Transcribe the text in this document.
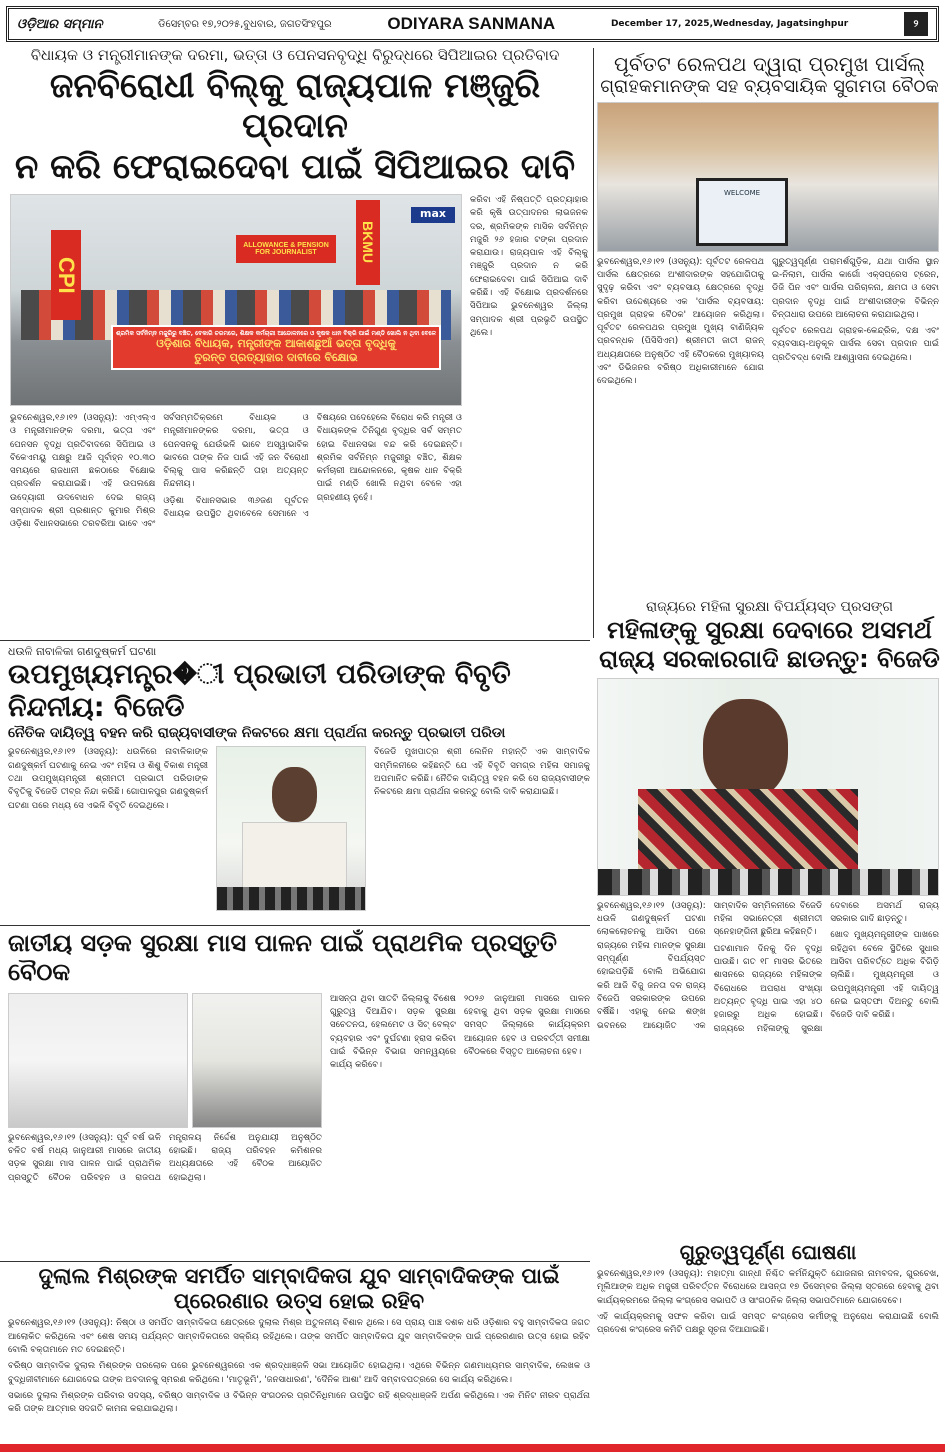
ଓଡ଼ିଆର ସମ୍ମାନ	ଡିସେମ୍ବର ୧୭,୨୦୨୫,ବୁଧବାର, ଜଗତସିଂହପୁର	ODIYARA SANMANA	December 17, 2025,Wednesday, Jagatsinghpur	୨
ବିଧାୟକ ଓ ମନ୍ତ୍ରୀମାନଙ୍କ ଦରମା, ଭତ୍ତା ଓ ପେନସନବୃଦ୍ଧି ବିରୁଦ୍ଧରେ ସିପିଆଇର ପ୍ରତିବାଦ
ଜନବିରୋଧୀ ବିଲ୍‌କୁ ରାଜ୍ୟପାଳ ମଞ୍ଜୁରି ପ୍ରଦାନ
ନ କରି ଫେରାଇଦେବା ପାଇଁ ସିପିଆଇର ଦାବି
CPI
BKMU
ALLOWANCE & PENSION FOR JOURNALIST
max
ଶ୍ରମିକ ସର୍ବନିମ୍ନ ମଜୁରିରୁ ବଞ୍ଚିତ, ବେକାରି ଚରମରେ, ଶିକ୍ଷକ କର୍ମଚାରୀ ଆନ୍ଦୋଳନରେ ଓ କୃଷକ ଧାନ ବିକ୍ରି ପାଇଁ ମଣ୍ଡି ଖୋଲି ନ ଥିବା ବେଳେ
ଓଡ଼ିଶାର ବିଧାୟକ, ମନ୍ତ୍ରୀଙ୍କ ଆକାଶଛୁଆଁ ଭତ୍ତା ବୃଦ୍ଧିକୁ
ତୁରନ୍ତ ପ୍ରତ୍ୟାହାର ଦାବୀରେ ବିକ୍ଷୋଭ

ଭୁବନେଶ୍ୱର,୧୬।୧୨ (ଓସନ୍ୟୁ): ଏମ୍‌ଏଲ୍‌ଏ ଓ ମନ୍ତ୍ରୀମାନଙ୍କ ଦରମା, ଭତ୍ତା ଏବଂ ପେନସନ ବୃଦ୍ଧି ପ୍ରତିବାଦରେ ସିପିଆଇ ଓ ବିକେଏମୟୁ ପକ୍ଷରୁ ଆଜି ପୂର୍ବାହ୍ନ ୧୦.୩୦ ସମୟରେ ରାଜଧାନୀ ଛକଠାରେ ବିକ୍ଷୋଭ ପ୍ରଦର୍ଶନ କରାଯାଇଛି। ଏହି ଉପଲକ୍ଷେ ଉଦ୍ୟୋଗୀ ଉଦବୋଧନ ଦେଇ ରାଜ୍ୟ ସମ୍ପାଦକ ଶ୍ରୀ ପ୍ରଶାନ୍ତ କୁମାର ମିଶ୍ର ଓଡ଼ିଶା ବିଧାନସଭାରେ ତରବରିଆ ଭାବେ ଏବଂ ସର୍ବସମ୍ମତିକ୍ରମେ ବିଧାୟକ ଓ ମନ୍ତ୍ରୀମାନଙ୍କର ଦରମା, ଭତ୍ତା ଓ ପେନସନକୁ ଯେଉଁଭଳି ଭାବେ ଅସ୍ୱାଭାବିକ ଭାବରେ ତାଙ୍କ ନିଜ ପାଇଁ ଏହି ଜନ ବିରୋଧୀ ବିଲ୍‌କୁ ପାସ କରିଛନ୍ତି ତାହା ଅତ୍ୟନ୍ତ ନିନ୍ଦନୀୟ।

ଓଡ଼ିଶା ବିଧାନସଭାର ୩୬ଜଣ ପୂର୍ବତନ ବିଧାୟକ ଉପସ୍ଥିତ ଥିବାବେଳେ ସେମାନେ ଏ ବିଷୟରେ ପଦେହେଲେ ବିରୋଧ କରି ମନ୍ତ୍ରୀ ଓ ବିଧାୟକଙ୍କ ତିନିଗୁଣ ବୃଦ୍ଧିର ସର୍ବ ସମ୍ମତ ହୋଇ ବିଧାନସଭା ବନ୍ଦ କରି ଦେଇଛନ୍ତି। ଶ୍ରମିକ ସର୍ବନିମ୍ନ ମଜୁରୀରୁ ବଞ୍ଚିତ, ଶିକ୍ଷକ କର୍ମଚାରୀ ଆନ୍ଦୋଳନରେ, କୃଷକ ଧାନ ବିକ୍ରି ପାଇଁ ମଣ୍ଡି ଖୋଲି ନଥିବା ବେଳେ ଏହା ଗ୍ରହଣୀୟ ନୁହେଁ।

କରିବା ଏହି ନିଷ୍ପତ୍ତି ପ୍ରତ୍ୟାହାର କରି କୃଷି ଉତ୍ପାଦନର ଲାଭଜନକ ଦର, ଶ୍ରମିକଙ୍କ ମାସିକ ସର୍ବନିମ୍ନ ମଜୁରି ୨୬ ହଜାର ଟଙ୍କା ପ୍ରଦାନ କରାଯାଉ। ରାଜ୍ୟପାଳ ଏହି ବିଲ୍‌କୁ ମଞ୍ଜୁରି ପ୍ରଦାନ ନ କରି ଫେରାଇଦେବା ପାଇଁ ସିପିଆଇ ଦାବି କରିଛି। ଏହି ବିକ୍ଷୋଭ ପ୍ରଦର୍ଶନରେ ସିପିଆଇ ଭୁବନେଶ୍ୱର ଜିଲ୍ଲା ସମ୍ପାଦକ ଶ୍ରୀ ପ୍ରଭୃତି ଉପସ୍ଥିତ ଥିଲେ।

ପୂର୍ବତଟ ରେଳପଥ ଦ୍ୱାରା ପ୍ରମୁଖ ପାର୍ସଲ୍
ଗ୍ରାହକମାନଙ୍କ ସହ ବ୍ୟବସାୟିକ ସୁଗମତା ବୈଠକ
WELCOME

ଭୁବନେଶ୍ୱର,୧୬।୧୨ (ଓସନ୍ୟୁ): ପୂର୍ବତଟ ରେଳପଥ ପାର୍ସଲ କ୍ଷେତ୍ରରେ ଅଂଶୀଦାରଙ୍କ ସହଯୋଗିତାକୁ ସୁଦୃଢ଼ କରିବା ଏବଂ ବ୍ୟବସାୟ କ୍ଷେତ୍ରରେ ବୃଦ୍ଧି କରିବା ଉଦ୍ଦେଶ୍ୟରେ ଏକ 'ପାର୍ସଲ ବ୍ୟବସାୟ: ପ୍ରମୁଖ ଗ୍ରାହକ ବୈଠକ' ଆୟୋଜନ କରିଥିଲା। ପୂର୍ବତଟ ରେଳପଥର ପ୍ରମୁଖ ମୁଖ୍ୟ ବାଣିଜ୍ୟିକ ପ୍ରବନ୍ଧକ (ପିସିସିଏମ) ଶ୍ରୀମତୀ ଜାତୀ ରାଜନ୍ ଅଧ୍ୟକ୍ଷତାରେ ଅନୁଷ୍ଠିତ ଏହି ବୈଠକରେ ମୁଖ୍ୟାଳୟ ଏବଂ ଡିଭିଜନର ବରିଷ୍ଠ ଅଧିକାରୀମାନେ ଯୋଗ ଦେଇଥିଲେ।

ଗୁରୁତ୍ୱପୂର୍ଣ୍ଣ ପରାମର୍ଶଗୁଡ଼ିକ, ଯଥା ପାର୍ସଲ ସ୍ଥାନ ଇ-ନିଲାମ, ପାର୍ସଲ କାର୍ଗୋ ଏକ୍ସପ୍ରେସ ଟ୍ରେନ, ଡିଜି ପିନ ଏବଂ ପାର୍ସଲ ପରିଚାଳନା, କ୍ଷମତା ଓ ସେବା ପ୍ରଦାନ ବୃଦ୍ଧି ପାଇଁ ଅଂଶୀଦାରୀଙ୍କ ବିଭିନ୍ନ ଚିନ୍ତାଧାରା ଉପରେ ଆଲୋଚନା କରାଯାଇଥିଲା।

ପୂର୍ବତଟ ରେଳପଥ ଗ୍ରାହକ-କେନ୍ଦ୍ରିକ, ଦକ୍ଷ ଏବଂ ବ୍ୟବସାୟ-ଅନୁକୂଳ ପାର୍ସଲ ସେବା ପ୍ରଦାନ ପାଇଁ ପ୍ରତିବଦ୍ଧ ବୋଲି ଆଶ୍ୱାସନା ଦେଇଥିଲେ।

ରାଜ୍ୟରେ ମହିଳା ସୁରକ୍ଷା ବିପର୍ଯ୍ୟସ୍ତ ପ୍ରସଙ୍ଗ
ମହିଳାଙ୍କୁ ସୁରକ୍ଷା ଦେବାରେ ଅସମର୍ଥ
ରାଜ୍ୟ ସରକାରଗାଦି ଛାଡନ୍ତୁ: ବିଜେଡି

ଭୁବନେଶ୍ୱର,୧୬।୧୨ (ଓସନ୍ୟୁ): ଧଉଳି ଗଣଦୁଷ୍କର୍ମ ଘଟଣା ଲୋକଲୋଚନକୁ ଆସିବା ପରେ ରାଜ୍ୟରେ ମହିଳା ମାନଙ୍କ ସୁରକ୍ଷା ସମ୍ପୂର୍ଣ୍ଣ ବିପର୍ଯ୍ୟସ୍ତ ହୋଇପଡ଼ିଛି ବୋଲି ଅଭିଯୋଗ କରି ଆଜି ବିଜୁ ଜନତା ଦଳ ରାଜ୍ୟ ବିଜେପି ସରକାରଙ୍କ ଉପରେ ବର୍ଷିଛି। ଏହାକୁ ନେଇ ଶଙ୍ଖ ଭବନରେ ଆୟୋଜିତ ଏକ ସାମ୍ବାଦିକ ସମ୍ମିଳନୀରେ ବିଜେଡି ମହିଳା ସଭାନେତ୍ରୀ ଶ୍ରୀମତୀ ସ୍ନେହାଙ୍ଗିନୀ ଛୁରିଆ କହିଛନ୍ତି।

ଘଟଣାମାନ ଦିନକୁ ଦିନ ବୃଦ୍ଧି ପାଉଛି। ଗତ ୧୮ ମାସର ଭିତରେ ଶାସନରେ ରାଜ୍ୟରେ ମହିଳାଙ୍କ ବିରୋଧରେ ଅପରାଧ ସଂଖ୍ୟା ଅତ୍ୟନ୍ତ ବୃଦ୍ଧି ପାଇ ଏହା ୪୦ ହଜାରରୁ ଅଧିକ ହୋଇଛି। ରାଜ୍ୟରେ ମହିଳାଙ୍କୁ ସୁରକ୍ଷା ଦେବାରେ ଅସମର୍ଥ ରାଜ୍ୟ ସରକାର ଗାଦି ଛାଡ଼ନ୍ତୁ।

ଖୋଦ ମୁଖ୍ୟମନ୍ତ୍ରୀଙ୍କ ପାଖରେ ରହିଥିବା ବେଳେ ସ୍ଥିତିରେ ସୁଧାର ଆସିବା ପରିବର୍ତ୍ତେ ଅଧିକ ବିଗିଡ଼ି ଚାଲିଛି। ମୁଖ୍ୟମନ୍ତ୍ରୀ ଓ ଉପମୁଖ୍ୟମନ୍ତ୍ରୀ ଏହି ଦାୟିତ୍ୱ ନେଇ ଇସ୍ତଫା ଦିଅନ୍ତୁ ବୋଲି ବିଜେଡି ଦାବି କରିଛି।

ଧଉଳି ନାବାଳିକା ଗଣଦୁଷ୍କର୍ମ ଘଟଣା
ଉପମୁଖ୍ୟମନ୍ତ୍ର�ୀ ପ୍ରଭାତୀ ପରିଡାଙ୍କ ବିବୃତି ନିନ୍ଦନୀୟ: ବିଜେଡି
ନୈତିକ ଦାୟିତ୍ୱ ବହନ କରି ରାଜ୍ୟବାସୀଙ୍କ ନିକଟରେ କ୍ଷମା ପ୍ରାର୍ଥନା କରନ୍ତୁ ପ୍ରଭାତୀ ପରିଡା

ଭୁବନେଶ୍ୱର,୧୬।୧୨ (ଓସନ୍ୟୁ): ଧଉଳିରେ ନାବାଳିକାଙ୍କ ଗଣଦୁଷ୍କର୍ମ ଘଟଣାକୁ ନେଇ ଏବଂ ମହିଳା ଓ ଶିଶୁ ବିକାଶ ମନ୍ତ୍ରୀ ତଥା ଉପମୁଖ୍ୟମନ୍ତ୍ରୀ ଶ୍ରୀମତୀ ପ୍ରଭାତୀ ପରିଡାଙ୍କ ବିବୃତିକୁ ବିଜେଡି ତୀବ୍ର ନିନ୍ଦା କରିଛି। ଗୋପାଳପୁର ଗଣଦୁଷ୍କର୍ମ ଘଟଣା ପରେ ମଧ୍ୟ ସେ ଏଭଳି ବିବୃତି ଦେଇଥିଲେ।

ବିଜେଡି ମୁଖପାତ୍ର ଶ୍ରୀ ଲେନିନ ମହାନ୍ତି ଏକ ସାମ୍ବାଦିକ ସମ୍ମିଳନୀରେ କହିଛନ୍ତି ଯେ ଏହି ବିବୃତି ସମଗ୍ର ମହିଳା ସମାଜକୁ ଅପମାନିତ କରିଛି। ନୈତିକ ଦାୟିତ୍ୱ ବହନ କରି ସେ ରାଜ୍ୟବାସୀଙ୍କ ନିକଟରେ କ୍ଷମା ପ୍ରାର୍ଥନା କରନ୍ତୁ ବୋଲି ଦାବି କରାଯାଇଛି।

ଜାତୀୟ ସଡ଼କ ସୁରକ୍ଷା ମାସ ପାଳନ ପାଇଁ ପ୍ରାଥମିକ ପ୍ରସ୍ତୁତି ବୈଠକ

ଭୁବନେଶ୍ୱର,୧୬।୧୨ (ଓସନ୍ୟୁ): ପୂର୍ବ ବର୍ଷ ଭଳି ଚଳିତ ବର୍ଷ ମଧ୍ୟ ଜାନୁଆରୀ ମାସରେ ଜାତୀୟ ସଡ଼କ ସୁରକ୍ଷା ମାସ ପାଳନ ପାଇଁ ପ୍ରାଥମିକ ପ୍ରସ୍ତୁତି ବୈଠକ ପରିବହନ ଓ ରାଜପଥ ମନ୍ତ୍ରାଳୟ ନିର୍ଦ୍ଦେଶ ଅନୁଯାୟୀ ଅନୁଷ୍ଠିତ ହୋଇଛି। ରାଜ୍ୟ ପରିବହନ କମିଶନର ଅଧ୍ୟକ୍ଷତାରେ ଏହି ବୈଠକ ଆୟୋଜିତ ହୋଇଥିଲା।

ଆସନ୍ତା ଥିବା ସାତଟି ଜିଲ୍ଲାକୁ ବିଶେଷ ଗୁରୁତ୍ୱ ଦିଆଯିବ। ସଡ଼କ ସୁରକ୍ଷା ସଚେତନତା, ହେଲମେଟ ଓ ସିଟ୍ ବେଲ୍ଟ ବ୍ୟବହାର ଏବଂ ଦୁର୍ଘଟଣା ହ୍ରାସ କରିବା ପାଇଁ ବିଭିନ୍ନ ବିଭାଗ ସମନ୍ୱୟରେ କାର୍ଯ୍ୟ କରିବେ।

୨୦୨୬ ଜାନୁଆରୀ ମାସରେ ପାଳନ ହେବାକୁ ଥିବା ସଡ଼କ ସୁରକ୍ଷା ମାସରେ ସମସ୍ତ ଜିଲ୍ଲାରେ କାର୍ଯ୍ୟକ୍ରମ ଆୟୋଜନ ହେବ ଓ ପରବର୍ତ୍ତୀ ସମୀକ୍ଷା ବୈଠକରେ ବିସ୍ତୃତ ଆଲୋଚନା ହେବ।

ଗୁରୁତ୍ୱପୂର୍ଣ୍ଣ ଘୋଷଣା

ଭୁବନେଶ୍ୱର,୧୬।୧୨ (ଓସନ୍ୟୁ): ମହାତ୍ମା ଗାନ୍ଧୀ ନିଶ୍ଚିତ କର୍ମନିଯୁକ୍ତି ଯୋଜନାର ନାମବଦଳ, ଗୁରଚେଖ, ମୂଲିଆଙ୍କ ଅଧିକ ମଜୁରୀ ପରିବର୍ତ୍ତନ ବିରୋଧରେ ଆସନ୍ତା ୧୭ ଡିସେମ୍ବର ଜିଲ୍ଲା ସ୍ତରରେ ହେବାକୁ ଥିବା କାର୍ଯ୍ୟକ୍ରମରେ ଜିଲ୍ଲା କଂଗ୍ରେସ ସଭାପତି ଓ ସାଂଗଠନିକ ଜିଲ୍ଲା ସଭାପତିମାନେ ଯୋଗଦେବେ।

ଏହି କାର୍ଯ୍ୟକ୍ରମକୁ ସଫଳ କରିବା ପାଇଁ ସମସ୍ତ କଂଗ୍ରେସ କର୍ମୀଙ୍କୁ ଅନୁରୋଧ କରାଯାଇଛି ବୋଲି ପ୍ରଦେଶ କଂଗ୍ରେସ କମିଟି ପକ୍ଷରୁ ସୂଚନା ଦିଆଯାଇଛି।

ଦୁଲାଲ ମିଶ୍ରଙ୍କ ସମର୍ପିତ ସାମ୍ବାଦିକତା ଯୁବ ସାମ୍ବାଦିକଙ୍କ ପାଇଁ ପ୍ରେରଣାର ଉତ୍ସ ହୋଇ ରହିବ

ଭୁବନେଶ୍ୱର,୧୬।୧୨ (ଓସନ୍ୟୁ): ନିଷ୍ଠା ଓ ସମର୍ପିତ ସାମ୍ବାଦିକତା କ୍ଷେତ୍ରରେ ଦୁଲାଲ ମିଶ୍ର ଅତୁଳନୀୟ ବିଶାଳ ଥିଲେ। ସେ ପ୍ରାୟ ପାଞ୍ଚ ଦଶକ ଧରି ଓଡ଼ିଶାର ବହୁ ସାମ୍ବାଦିକତା ଜଗତ ଆଲୋକିତ କରିଥିଲେ ଏବଂ ଶେଷ ସମୟ ପର୍ଯ୍ୟନ୍ତ ସାମ୍ବାଦିକତାରେ ସକ୍ରିୟ ରହିଥିଲେ। ତାଙ୍କ ସମର୍ପିତ ସାମ୍ବାଦିକତା ଯୁବ ସାମ୍ବାଦିକଙ୍କ ପାଇଁ ପ୍ରେରଣାର ଉତ୍ସ ହୋଇ ରହିବ ବୋଲି ବକ୍ତାମାନେ ମତ ଦେଇଛନ୍ତି।

ବରିଷ୍ଠ ସାମ୍ବାଦିକ ଦୁଲାଲ ମିଶ୍ରଙ୍କ ପରଲୋକ ପରେ ଭୁବନେଶ୍ୱରରେ ଏକ ଶ୍ରଦ୍ଧାଞ୍ଜଳି ସଭା ଆୟୋଜିତ ହୋଇଥିଲା। ଏଥିରେ ବିଭିନ୍ନ ଗଣମାଧ୍ୟମର ସାମ୍ବାଦିକ, ଲେଖକ ଓ ବୁଦ୍ଧିଜୀବୀମାନେ ଯୋଗଦେଇ ତାଙ୍କ ଅବଦାନକୁ ସ୍ମରଣ କରିଥିଲେ। 'ମାତୃଭୂମି', 'ଜନସାଧାରଣ', 'ଦୈନିକ ଆଶା' ଆଦି ସମ୍ବାଦପତ୍ରରେ ସେ କାର୍ଯ୍ୟ କରିଥିଲେ।

ସଭାରେ ଦୁଲାଲ ମିଶ୍ରଙ୍କ ପରିବାର ସଦସ୍ୟ, ବରିଷ୍ଠ ସାମ୍ବାଦିକ ଓ ବିଭିନ୍ନ ସଂଗଠନର ପ୍ରତିନିଧିମାନେ ଉପସ୍ଥିତ ରହି ଶ୍ରଦ୍ଧାଞ୍ଜଳି ଅର୍ପଣ କରିଥିଲେ। ଏକ ମିନିଟ ନୀରବ ପ୍ରାର୍ଥନା କରି ତାଙ୍କ ଆତ୍ମାର ସଦଗତି କାମନା କରାଯାଇଥିଲା।
